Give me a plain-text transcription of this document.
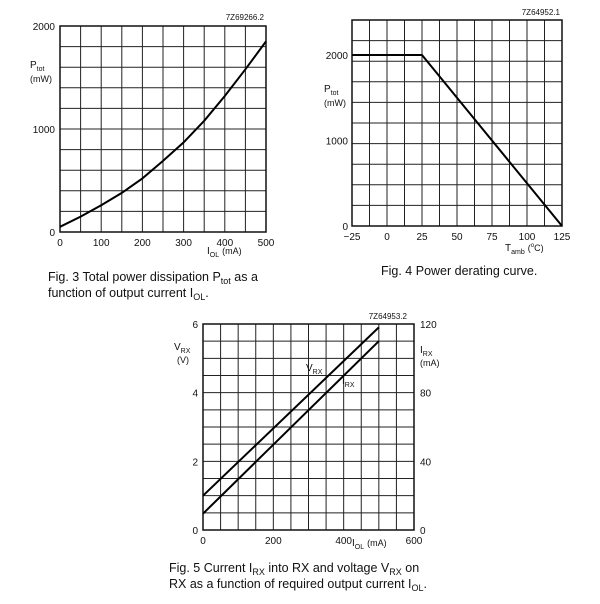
7Z69266.2
0
1000
2000
0	100 200 300 400 500
$P_{tot}$
(mW)
$I_{OL}$ (mA)
Fig. 3 Total power dissipation $P_{tot}$ as a
function of output current $I_{OL}$.
7Z64952.1
0
1000
2000
−25 0	25 50 75 100 125
$P_{tot}$
(mW)
$T_{amb}$ ($^o$C)
Fig. 4 Power derating curve.
7Z64953.2
0
2
4
6
0
40
80
120
0	200	400	600
$V_{RX}$
(V)
$I_{RX}$
(mA)
$V_{RX}$
$I_{RX}$
$I_{OL}$ (mA)
Fig. 5 Current $I_{RX}$ into RX and voltage $V_{RX}$ on
RX as a function of required output current $I_{OL}$.
